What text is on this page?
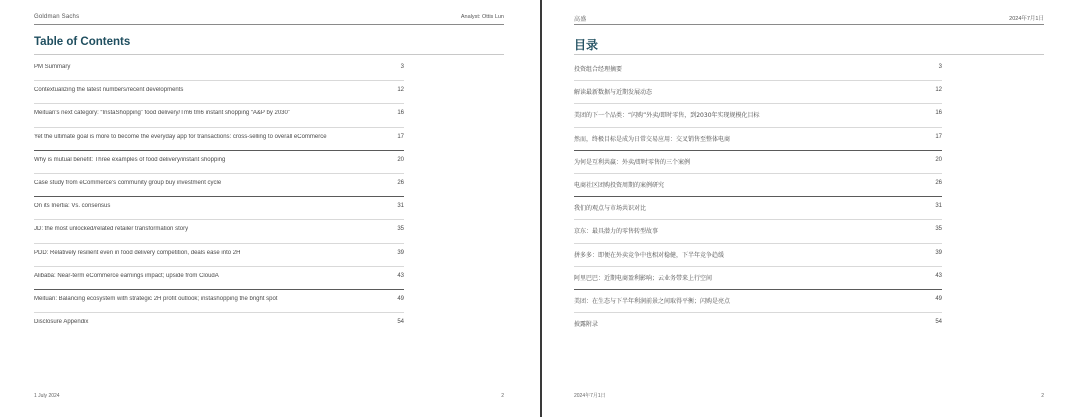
Goldman Sachs	Analyst: Ottis Lun
Table of Contents
PM Summary	3
Contextualizing the latest numbers/recent developments	12
Meituan's next category: “InstaShopping” food delivery/Tm6 tm6 instant shopping “A&P by 2030”	16
Yet the ultimate goal is more to become the everyday app for transactions: cross-selling to overall eCommerce	17
Why is mutual benefit: Three examples of food delivery/instant shopping	20
Case study from eCommerce's community group buy investment cycle	26
On its Inertia: Vs. consensus	31
JD: the most unlocked/related retailer transformation story	35
PDD: Relatively resilient even in food delivery competition, deals ease into 2H	39
Alibaba: Near-term eCommerce earnings impact; upside from CloudA	43
Meituan: Balancing ecosystem with strategic 2H profit outlook; instashopping the bright spot	49
Disclosure Appendix	54
1 July 2024	2
高盛	2024年7月1日
目录
投资组合经理摘要	3
解读最新数据与近期发展动态	12
美团的下一个品类：“闪购”外卖/即时零售，到2030年实现规模化目标	16
然而，终极目标是成为日常交易应用：交叉销售至整体电商	17
为何是互利共赢：外卖/即时零售的三个案例	20
电商社区团购投资周期的案例研究	26
我们的观点与市场共识对比	31
京东：最具潜力的零售转型故事	35
拼多多：即便在外卖竞争中也相对稳健，下半年竞争趋缓	39
阿里巴巴：近期电商盈利影响；云业务带来上行空间	43
美团：在生态与下半年利润前景之间取得平衡；闪购是亮点	49
披露附录	54
2024年7月1日	2
